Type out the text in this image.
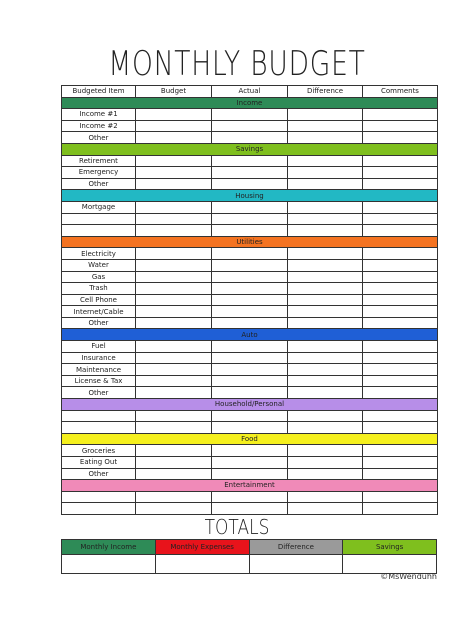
MONTHLY BUDGET
Budgeted Item	Budget	Actual	Difference	Comments
Income				
Income #1				
Income #2				
Other				
Savings				
Retirement				
Emergency				
Other				
Housing				
Mortgage				

Utilities				
Electricity				
Water				
Gas				
Trash				
Cell Phone				
Internet/Cable				
Other				
Auto				
Fuel				
Insurance				
Maintenance				
License & Tax				
Other				
Household/Personal				

Food				
Groceries				
Eating Out				
Other				
Entertainment				

TOTALS
Monthly Income	Monthly Expenses	Difference	Savings

©MsWenduhh
